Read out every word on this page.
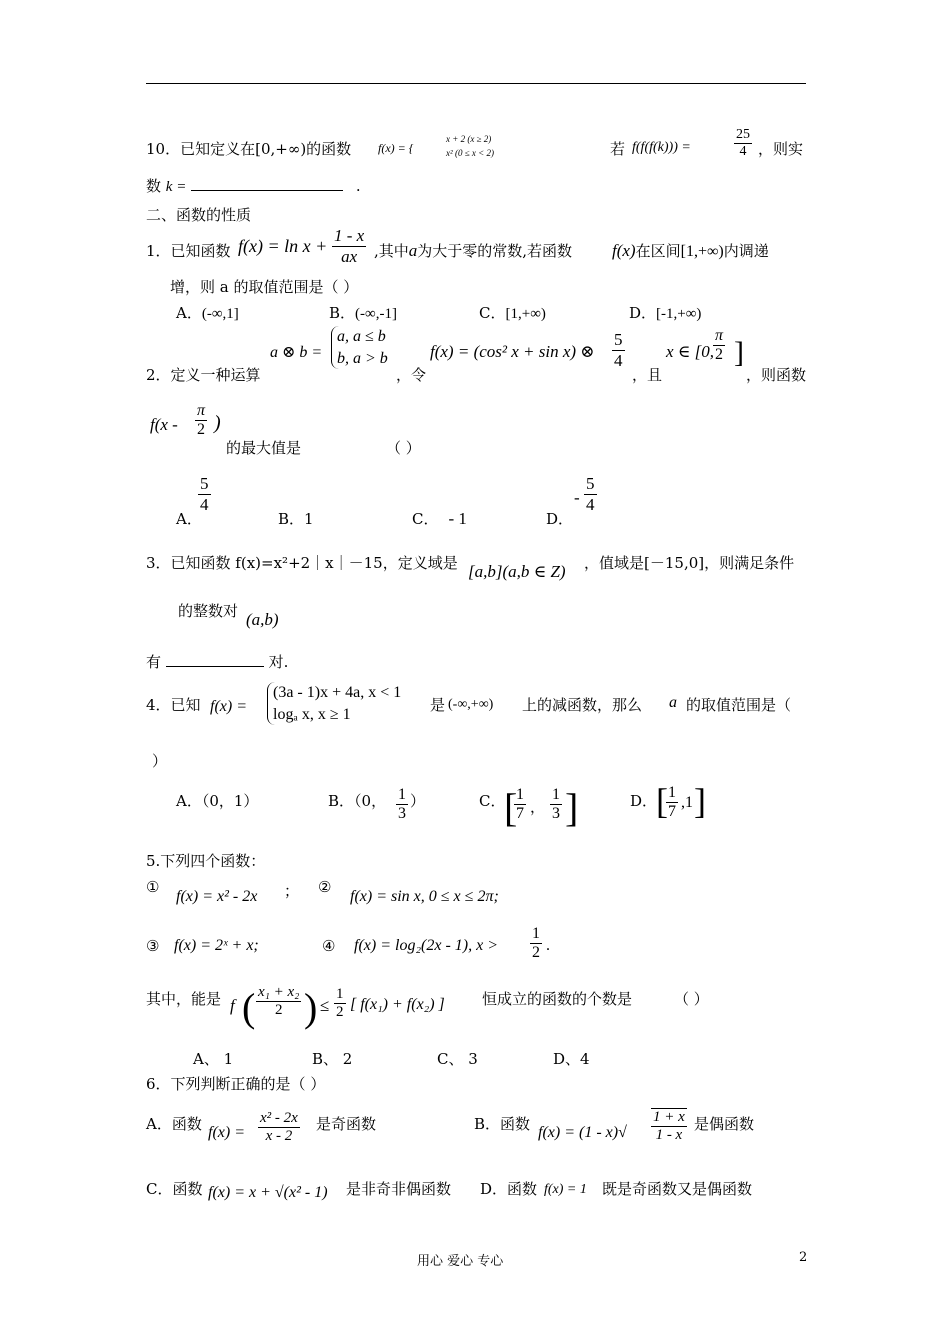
10．已知定义在[0,+∞)的函数 f(x) = {
x + 2 (x ≥ 2)
x² (0 ≤ x < 2)	若 f(f(f(k))) =	$\frac{25}{4}$ ，则实
数 k =	.
二、函数的性质
1．已知函数 $f(x) = \ln x + \frac{1 - x}{ax}$ ,其中a为大于零的常数,若函数 f(x)在区间[1,+∞)内调递
增，则 a 的取值范围是（ ）
A．(-∞,1]	B．(-∞,-1]	C．[1,+∞)	D．[-1,+∞)
a ⊗ b =
a, a ≤ b
b, a > b
2．定义一种运算	，令
f(x) = (cos² x + sin x) ⊗ $\frac{5}{4}$
，且
x ∈ [0, $\frac{\pi}{2}$ ]
，则函数
$f(x - \frac{\pi}{2}$ )
的最大值是	（ ）
A．
$\frac{5}{4}$
B．1	C． - 1	D．
- $\frac{5}{4}$
3．已知函数 f(x)=x²+2｜x｜－15，定义域是 [a,b](a,b ∈ Z) ，值域是[－15,0]，则满足条件
的整数对 (a,b)
有	对.
4．已知 f(x) =
(3a - 1)x + 4a, x < 1
logₐ x, x ≥ 1
是 (-∞,+∞) 上的减函数，那么 a 的取值范围是（
）
A．（0，1）	B．（0， $\frac{1}{3}$ ）	C．
[
$\frac{1}{7}$ ， $\frac{1}{3}$ ]	D．
[
$\frac{1}{7} ,1$ ]
5.下列四个函数：
①
f(x) = x² - 2x ； ②
f(x) = sin x, 0 ≤ x ≤ 2π;
③ f(x) = 2ˣ + x;	④ f(x) = log₂(2x - 1), $x > \frac{1}{2}$ .
其中，能是 f ( $\frac{\text{x₁ + x₂}}{2}$ ) ≤ $\frac{1}{2}$ [ f(x₁) + f(x₂) ] 恒成立的函数的个数是	（ ）
A、 1	B、 2	C、 3	D、4
6．下列判断正确的是（ ）
A．函数 $f(x) = \frac{\text{x² - 2x}}{x - 2}$ 是奇函数	B．函数 $f(x) = (1 - x)√ \frac{1 + x}{1 - x}$ 是偶函数
C．函数 f(x) = x + √(x² - 1) 是非奇非偶函数 D．函数 f(x) = 1 既是奇函数又是偶函数
用心 爱心 专心	2
